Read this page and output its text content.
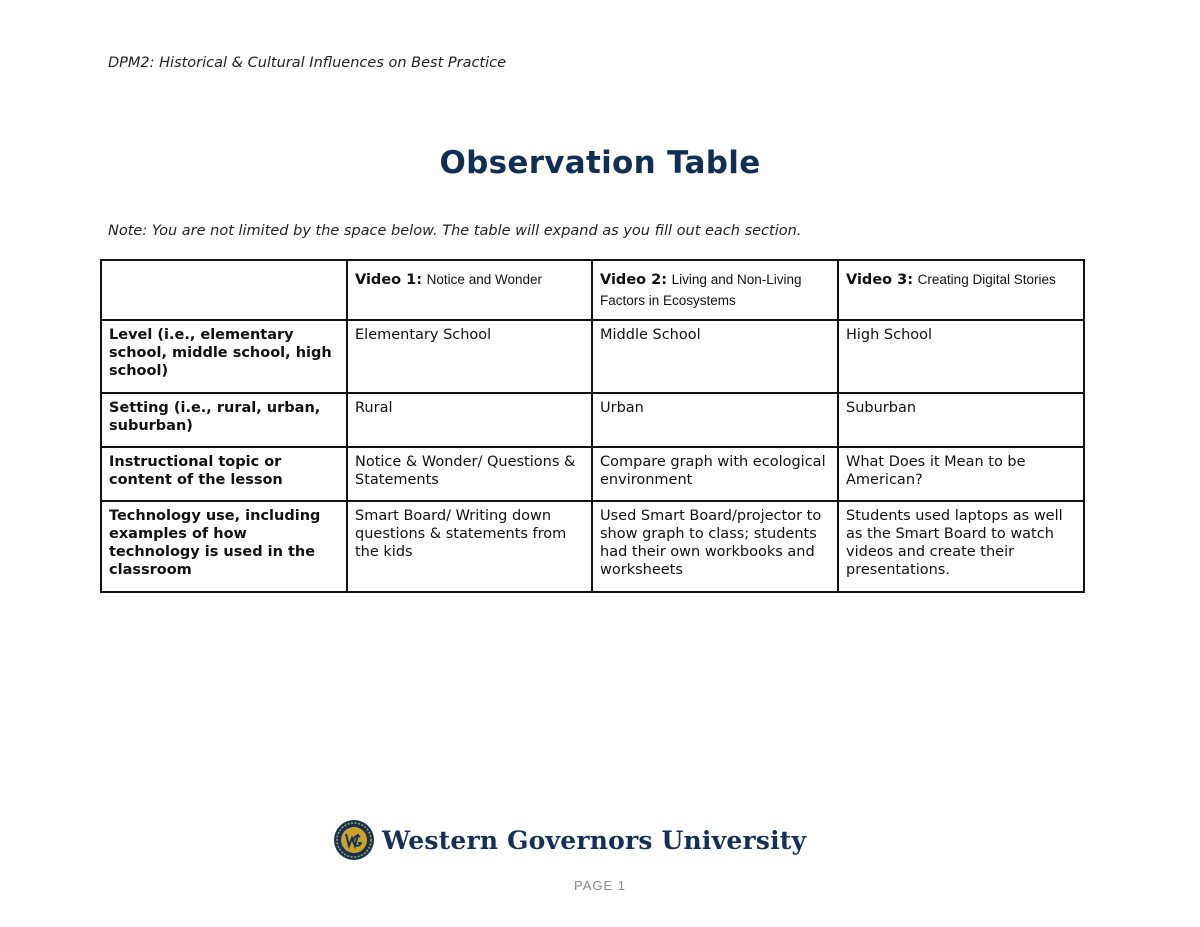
DPM2: Historical & Cultural Influences on Best Practice
Observation Table
Note: You are not limited by the space below. The table will expand as you fill out each section.
	Video 1: Notice and Wonder	Video 2: Living and Non-Living Factors in Ecosystems	Video 3: Creating Digital Stories
Level (i.e., elementary school, middle school, high school)	Elementary School	Middle School	High School
Setting (i.e., rural, urban, suburban)	Rural	Urban	Suburban
Instructional topic or content of the lesson	Notice & Wonder/ Questions & Statements	Compare graph with ecological environment	What Does it Mean to be American?
Technology use, including examples of how technology is used in the classroom	Smart Board/ Writing down questions & statements from the kids	Used Smart Board/projector to show graph to class; students had their own workbooks and worksheets	Students used laptops as well as the Smart Board to watch videos and create their presentations.
Western Governors University
PAGE 1
